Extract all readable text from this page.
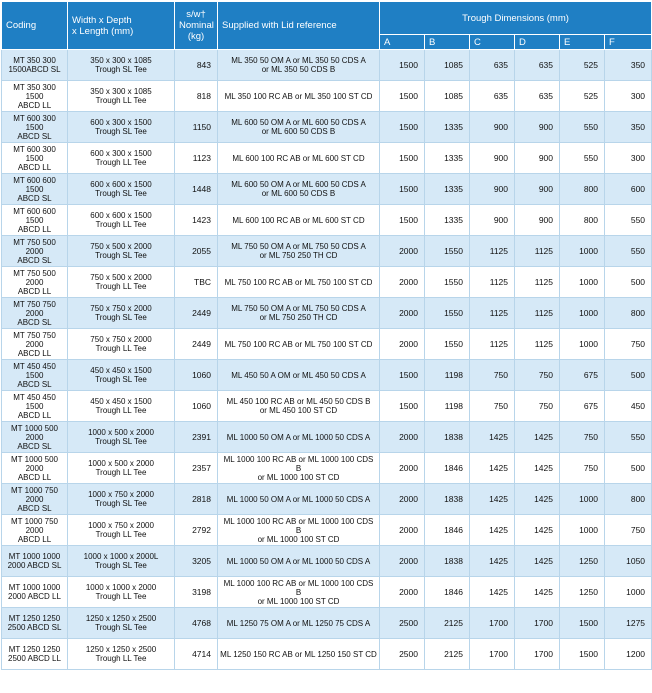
Coding	Width x Depth
x Length (mm)	s/w†
Nominal
(kg)	Supplied with Lid reference	Trough Dimensions (mm)					
				A	B	C	D	E	F

MT 350 300
1500ABCD SL	350 x 300 x 1085
Trough SL Tee	843	ML 350 50 OM A or ML 350 50 CDS A
or ML 350 50 CDS B	1500	1085	635	635	525	350

MT 350 300 1500
ABCD LL	350 x 300 x 1085
Trough LL Tee	818	ML 350 100 RC AB or ML 350 100 ST CD	1500	1085	635	635	525	300

MT 600 300 1500
ABCD SL	600 x 300 x 1500
Trough SL Tee	1150	ML 600 50 OM A or ML 600 50 CDS A
or ML 600 50 CDS B	1500	1335	900	900	550	350

MT 600 300 1500
ABCD LL	600 x 300 x 1500
Trough LL Tee	1123	ML 600 100 RC AB or ML 600 ST CD	1500	1335	900	900	550	300

MT 600 600 1500
ABCD SL	600 x 600 x 1500
Trough SL Tee	1448	ML 600 50 OM A or ML 600 50 CDS A
or ML 600 50 CDS B	1500	1335	900	900	800	600

MT 600 600 1500
ABCD LL	600 x 600 x 1500
Trough LL Tee	1423	ML 600 100 RC AB or ML 600 ST CD	1500	1335	900	900	800	550

MT 750 500 2000
ABCD SL	750 x 500 x 2000
Trough SL Tee	2055	ML 750 50 OM A or ML 750 50 CDS A
or ML 750 250 TH CD	2000	1550	1125	1125	1000	550

MT 750 500 2000
ABCD LL	750 x 500 x 2000
Trough LL Tee	TBC	ML 750 100 RC AB or ML 750 100 ST CD	2000	1550	1125	1125	1000	500

MT 750 750 2000
ABCD SL	750 x 750 x 2000
Trough SL Tee	2449	ML 750 50 OM A or ML 750 50 CDS A
or ML 750 250 TH CD	2000	1550	1125	1125	1000	800

MT 750 750 2000
ABCD LL	750 x 750 x 2000
Trough LL Tee	2449	ML 750 100 RC AB or ML 750 100 ST CD	2000	1550	1125	1125	1000	750

MT 450 450 1500
ABCD SL	450 x 450 x 1500
Trough SL Tee	1060	ML 450 50 A OM or ML 450 50 CDS A	1500	1198	750	750	675	500

MT 450 450 1500
ABCD LL	450 x 450 x 1500
Trough LL Tee	1060	ML 450 100 RC AB or ML 450 50 CDS B
or ML 450 100 ST CD	1500	1198	750	750	675	450

MT 1000 500 2000
ABCD SL	1000 x 500 x 2000
Trough SL Tee	2391	ML 1000 50 OM A or ML 1000 50 CDS A	2000	1838	1425	1425	750	550

MT 1000 500 2000
ABCD LL	1000 x 500 x 2000
Trough LL Tee	2357	ML 1000 100 RC AB or ML 1000 100 CDS B
or ML 1000 100 ST CD	2000	1846	1425	1425	750	500

MT 1000 750 2000
ABCD SL	1000 x 750 x 2000
Trough SL Tee	2818	ML 1000 50 OM A or ML 1000 50 CDS A	2000	1838	1425	1425	1000	800

MT 1000 750 2000
ABCD LL	1000 x 750 x 2000
Trough LL Tee	2792	ML 1000 100 RC AB or ML 1000 100 CDS B
or ML 1000 100 ST CD	2000	1846	1425	1425	1000	750

MT 1000 1000
2000 ABCD SL	1000 x 1000 x 2000L
Trough SL Tee	3205	ML 1000 50 OM A or ML 1000 50 CDS A	2000	1838	1425	1425	1250	1050

MT 1000 1000
2000 ABCD LL	1000 x 1000 x 2000
Trough LL Tee	3198	ML 1000 100 RC AB or ML 1000 100 CDS B
or ML 1000 100 ST CD	2000	1846	1425	1425	1250	1000

MT 1250 1250
2500 ABCD SL	1250 x 1250 x 2500
Trough SL Tee	4768	ML 1250 75 OM A or ML 1250 75 CDS A	2500	2125	1700	1700	1500	1275

MT 1250 1250
2500 ABCD LL	1250 x 1250 x 2500
Trough LL Tee	4714	ML 1250 150 RC AB or ML 1250 150 ST CD	2500	2125	1700	1700	1500	1200
